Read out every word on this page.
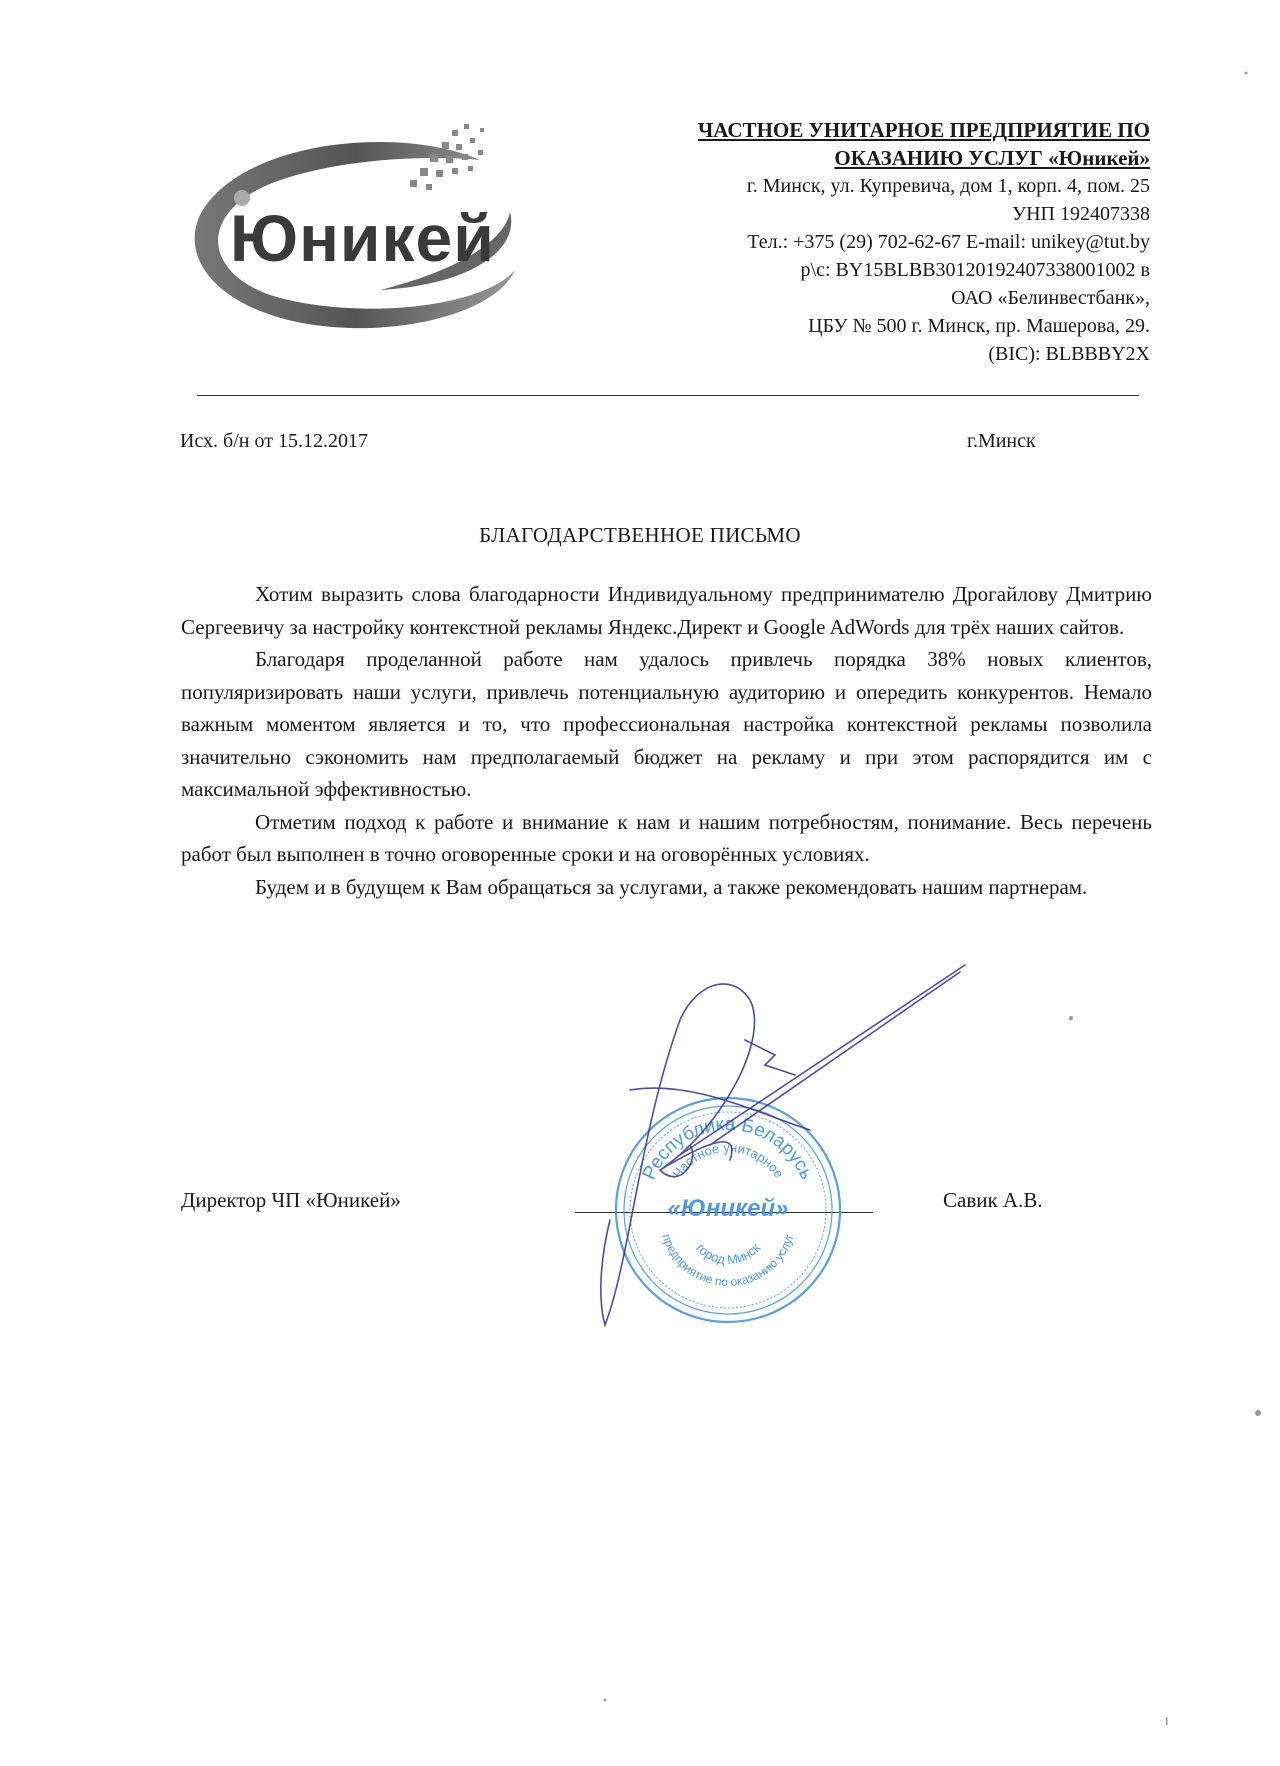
Юникей
ЧАСТНОЕ УНИТАРНОЕ ПРЕДПРИЯТИЕ ПО
ОКАЗАНИЮ УСЛУГ «Юникей»
г. Минск, ул. Купревича, дом 1, корп. 4, пом. 25
УНП 192407338
Тел.: +375 (29) 702-62-67 E-mail: unikey@tut.by
р\с: BY15BLBB30120192407338001002 в
ОАО «Белинвестбанк»,
ЦБУ № 500 г. Минск, пр. Машерова, 29.
(BIC): BLBBBY2X
Исх. б/н от 15.12.2017	г.Минск
БЛАГОДАРСТВЕННОЕ ПИСЬМО

Хотим выразить слова благодарности Индивидуальному предпринимателю Дрогайлову Дмитрию Сергеевичу за настройку контекстной рекламы Яндекс.Директ и Google AdWords для трёх наших сайтов.

Благодаря проделанной работе нам удалось привлечь порядка 38% новых клиентов, популяризировать наши услуги, привлечь потенциальную аудиторию и опередить конкурентов. Немало важным моментом является и то, что профессиональная настройка контекстной рекламы позволила значительно сэкономить нам предполагаемый бюджет на рекламу и при этом распорядится им с максимальной эффективностью.

Отметим подход к работе и внимание к нам и нашим потребностям, понимание. Весь перечень работ был выполнен в точно оговоренные сроки и на оговорённых условиях.

Будем и в будущем к Вам обращаться за услугами, а также рекомендовать нашим партнерам.

Директор ЧП «Юникей»	Савик А.В.
Республика Беларусь
Частное унитарное
«Юникей»
предприятие по оказанию услуг
город Минск
